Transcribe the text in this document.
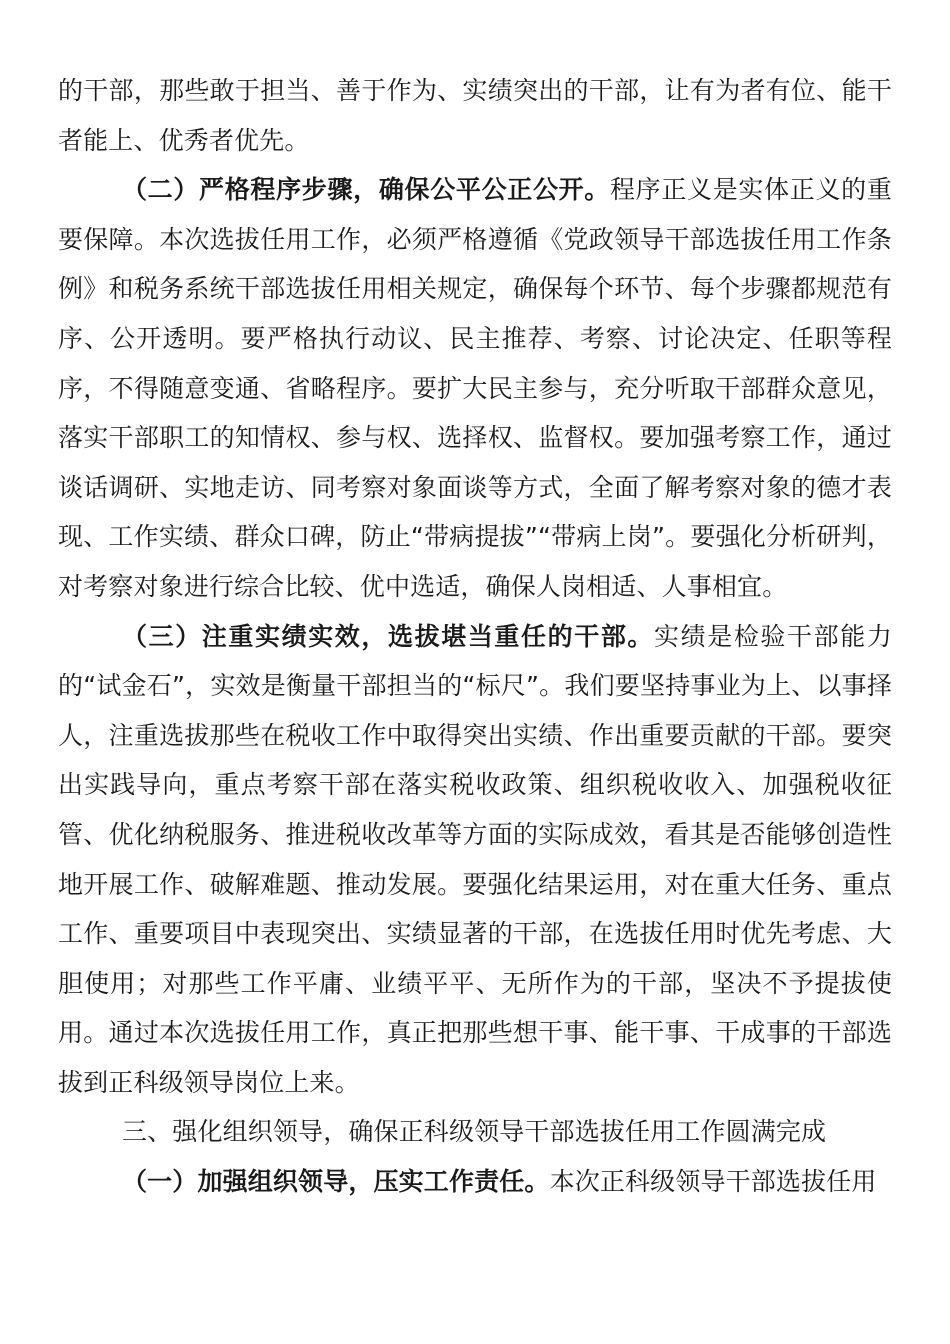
的干部，那些敢于担当、善于作为、实绩突出的干部，让有为者有位、能干者能上、优秀者优先。

（二）严格程序步骤，确保公平公正公开。程序正义是实体正义的重要保障。本次选拔任用工作，必须严格遵循《党政领导干部选拔任用工作条例》和税务系统干部选拔任用相关规定，确保每个环节、每个步骤都规范有序、公开透明。要严格执行动议、民主推荐、考察、讨论决定、任职等程序，不得随意变通、省略程序。要扩大民主参与，充分听取干部群众意见，落实干部职工的知情权、参与权、选择权、监督权。要加强考察工作，通过谈话调研、实地走访、同考察对象面谈等方式，全面了解考察对象的德才表现、工作实绩、群众口碑，防止“带病提拔”“带病上岗”。要强化分析研判，对考察对象进行综合比较、优中选适，确保人岗相适、人事相宜。

（三）注重实绩实效，选拔堪当重任的干部。实绩是检验干部能力的“试金石”，实效是衡量干部担当的“标尺”。我们要坚持事业为上、以事择人，注重选拔那些在税收工作中取得突出实绩、作出重要贡献的干部。要突出实践导向，重点考察干部在落实税收政策、组织税收收入、加强税收征管、优化纳税服务、推进税收改革等方面的实际成效，看其是否能够创造性地开展工作、破解难题、推动发展。要强化结果运用，对在重大任务、重点工作、重要项目中表现突出、实绩显著的干部，在选拔任用时优先考虑、大胆使用；对那些工作平庸、业绩平平、无所作为的干部，坚决不予提拔使用。通过本次选拔任用工作，真正把那些想干事、能干事、干成事的干部选拔到正科级领导岗位上来。

三、强化组织领导，确保正科级领导干部选拔任用工作圆满完成

（一）加强组织领导，压实工作责任。本次正科级领导干部选拔任用
